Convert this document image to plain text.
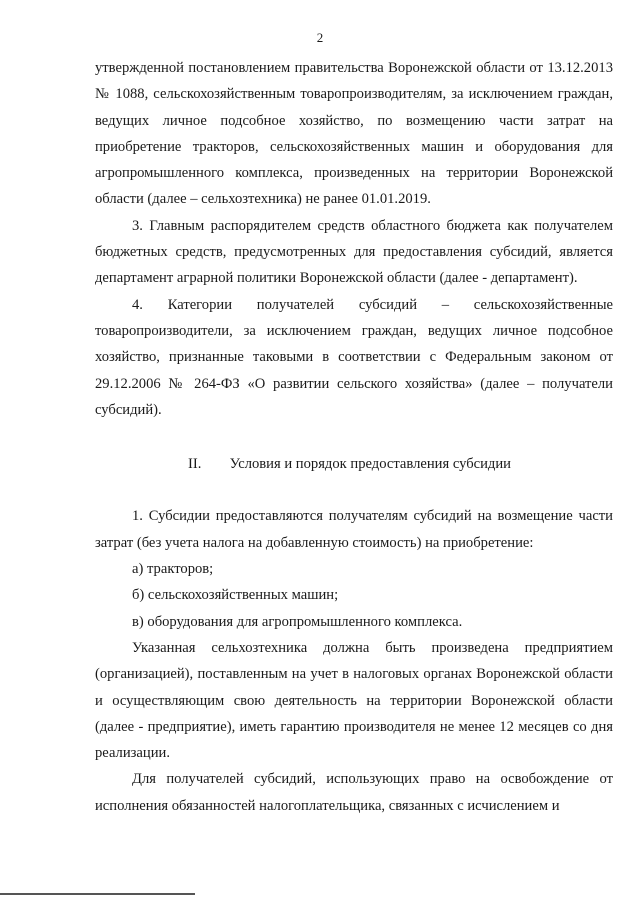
2

утвержденной постановлением правительства Воронежской области от 13.12.2013 № 1088, сельскохозяйственным товаропроизводителям, за исключением граждан, ведущих личное подсобное хозяйство, по возмещению части затрат на приобретение тракторов, сельскохозяйственных машин и оборудования для агропромышленного комплекса, произведенных на территории Воронежской области (далее – сельхозтехника) не ранее 01.01.2019.

3. Главным распорядителем средств областного бюджета как получателем бюджетных средств, предусмотренных для предоставления субсидий, является департамент аграрной политики Воронежской области (далее - департамент).

4. Категории получателей субсидий – сельскохозяйственные товаропроизводители, за исключением граждан, ведущих личное подсобное хозяйство, признанные таковыми в соответствии с Федеральным законом от 29.12.2006 № 264-ФЗ «О развитии сельского хозяйства» (далее – получатели субсидий).

II. Условия и порядок предоставления субсидии

1. Субсидии предоставляются получателям субсидий на возмещение части затрат (без учета налога на добавленную стоимость) на приобретение:

а) тракторов;

б) сельскохозяйственных машин;

в) оборудования для агропромышленного комплекса.

Указанная сельхозтехника должна быть произведена предприятием (организацией), поставленным на учет в налоговых органах Воронежской области и осуществляющим свою деятельность на территории Воронежской области (далее - предприятие), иметь гарантию производителя не менее 12 месяцев со дня реализации.

Для получателей субсидий, использующих право на освобождение от исполнения обязанностей налогоплательщика, связанных с исчислением и
